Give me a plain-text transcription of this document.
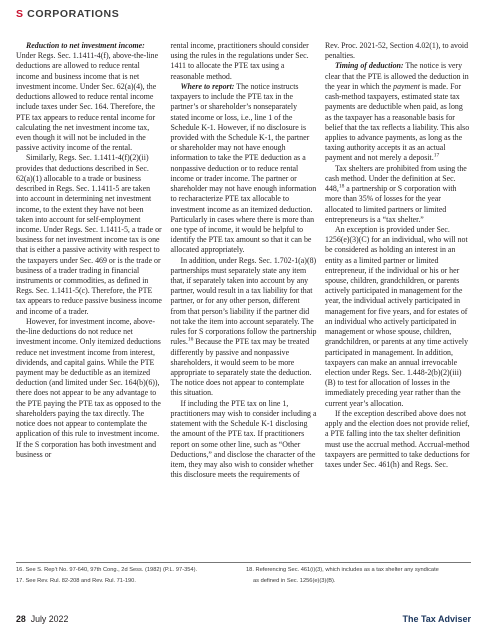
S CORPORATIONS

Reduction to net investment income: Under Regs. Sec. 1.1411-4(f), above-the-line deductions are allowed to reduce rental income and business income that is net investment income. Under Sec. 62(a)(4), the deductions allowed to reduce rental income include taxes under Sec. 164. Therefore, the PTE tax appears to reduce rental income for calculating the net investment income tax, even though it will not be included in the passive activity income of the rental.

Similarly, Regs. Sec. 1.1411-4(f)(2)(ii) provides that deductions described in Sec. 62(a)(1) allocable to a trade or business described in Regs. Sec. 1.1411-5 are taken into account in determining net investment income, to the extent they have not been taken into account for self-employment income. Under Regs. Sec. 1.1411-5, a trade or business for net investment income tax is one that is either a passive activity with respect to the taxpayers under Sec. 469 or is the trade or business of a trader trading in financial instruments or commodities, as defined in Regs. Sec. 1.1411-5(c). Therefore, the PTE tax appears to reduce passive business income and income of a trader.

However, for investment income, above-the-line deductions do not reduce net investment income. Only itemized deductions reduce net investment income from interest, dividends, and capital gains. While the PTE payment may be deductible as an itemized deduction (and limited under Sec. 164(b)(6)), there does not appear to be any advantage to the PTE paying the PTE tax as opposed to the shareholders paying the tax directly. The notice does not appear to contemplate the application of this rule to investment income. If the S corporation has both investment and business or

rental income, practitioners should consider using the rules in the regulations under Sec. 1411 to allocate the PTE tax using a reasonable method.

Where to report: The notice instructs taxpayers to include the PTE tax in the partner’s or shareholder’s nonseparately stated income or loss, i.e., line 1 of the Schedule K-1. However, if no disclosure is provided with the Schedule K-1, the partner or shareholder may not have enough information to take the PTE deduction as a nonpassive deduction or to reduce rental income or trader income. The partner or shareholder may not have enough information to recharacterize PTE tax allocable to investment income as an itemized deduction. Particularly in cases where there is more than one type of income, it would be helpful to identify the PTE tax amount so that it can be allocated appropriately.

In addition, under Regs. Sec. 1.702-1(a)(8) partnerships must separately state any item that, if separately taken into account by any partner, would result in a tax liability for that partner, or for any other person, different from that person’s liability if the partner did not take the item into account separately. The rules for S corporations follow the partnership rules.$^{16}$ Because the PTE tax may be treated differently by passive and nonpassive shareholders, it would seem to be more appropriate to separately state the deduction. The notice does not appear to contemplate this situation.

If including the PTE tax on line 1, practitioners may wish to consider including a statement with the Schedule K-1 disclosing the amount of the PTE tax. If practitioners report on some other line, such as “Other Deductions,” and disclose the character of the item, they may also wish to consider whether this disclosure meets the requirements of

Rev. Proc. 2021-52, Section 4.02(1), to avoid penalties.

Timing of deduction: The notice is very clear that the PTE is allowed the deduction in the year in which the payment is made. For cash-method taxpayers, estimated state tax payments are deductible when paid, as long as the taxpayer has a reasonable basis for belief that the tax reflects a liability. This also applies to advance payments, as long as the taxing authority accepts it as an actual payment and not merely a deposit.$^{17}$

Tax shelters are prohibited from using the cash method. Under the definition at Sec. 448,18 a partnership or S corporation with more than 35% of losses for the year allocated to limited partners or limited entrepreneurs is a “tax shelter.”

An exception is provided under Sec. 1256(e)(3)(C) for an individual, who will not be considered as holding an interest in an entity as a limited partner or limited entrepreneur, if the individual or his or her spouse, children, grandchildren, or parents actively participated in management for the year, the individual actively participated in management for five years, and for estates of an individual who actively participated in management or whose spouse, children, grandchildren, or parents at any time actively participated in management. In addition, taxpayers can make an annual irrevocable election under Regs. Sec. 1.448-2(b)(2)(iii)(B) to test for allocation of losses in the immediately preceding year rather than the current year’s allocation.

If the exception described above does not apply and the election does not provide relief, a PTE falling into the tax shelter definition must use the accrual method. Accrual-method taxpayers are permitted to take deductions for taxes under Sec. 461(h) and Regs. Sec.

16. See S. Rep’t No. 97-640, 97th Cong., 2d Sess. (1982) (P.L. 97-354).
17. See Rev. Rul. 82-208 and Rev. Rul. 71-190.
18. Referencing Sec. 461(i)(3), which includes as a tax shelter any syndicate
as defined in Sec. 1256(e)(3)(B).
28 July 2022	The Tax Adviser
